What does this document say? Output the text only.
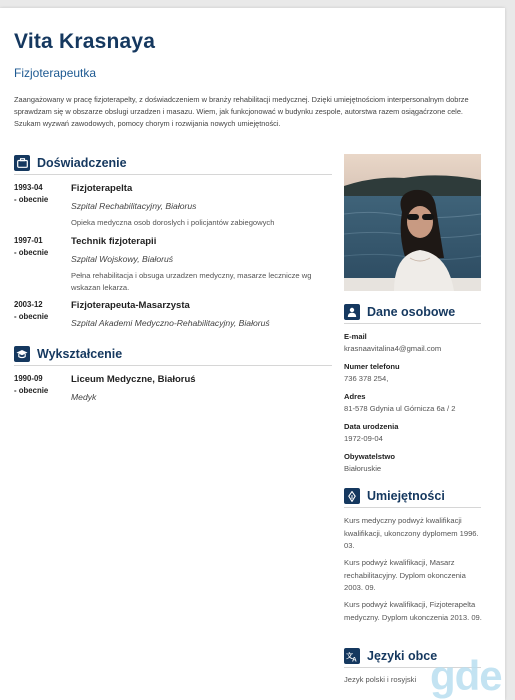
Vita Krasnaya
Fizjoterapeutka
Zaangażowany w pracę fizjoterapelty, z doświadczeniem w branży rehabilitacji medycznej. Dzięki umiejętnościom interpersonalnym dobrze sprawdzam się w obszarze obslugi urzadzen i masazu. Wiem, jak funkcjonować w budynku zespole, autorstwa razem osiągaćrzone cele. Szukam wyzwań zawodowych, pomocy chorym i rozwijania nowych umiejętności.
Doświadczenie
1993-04
- obecnie
Fizjoterapelta
Szpital Rechabilitacyjny, Białorus
Opieka medyczna osob doroslych i policjantów zabiegowych
1997-01
- obecnie
Technik fizjoterapii
Szpital Wojskowy, Białoruś
Pełna rehabilitacja i obsuga urzadzen medyczny, masarze lecznicze wg wskazan lekarza.
2003-12
- obecnie
Fizjoterapeuta-Masarzysta
Szpital Akademi Medyczno-Rehabilitacyjny, Białoruś
Wykształcenie
1990-09
- obecnie
Liceum Medyczne, Białoruś
Medyk
Dane osobowe
E-mail
krasnaavitalina4@gmail.com
Numer telefonu
736 378 254,
Adres
81-578 Gdynia ul Górnicza 6a / 2
Data urodzenia
1972-09-04
Obywatelstwo
Białoruskie
Umiejętności
Kurs medyczny podwyż kwalifikacji kwalifikacji, ukonczony dyplomem 1996. 03.
Kurs podwyż kwalifikacji, Masarz rechabilitacyjny. Dyplom okonczenia 2003. 09.
Kurs podwyż kwalifikacji, Fizjoterapelta medyczny. Dyplom ukonczenia 2013. 09.
文 A Języki obce
Jezyk polski i rosyjski gde
